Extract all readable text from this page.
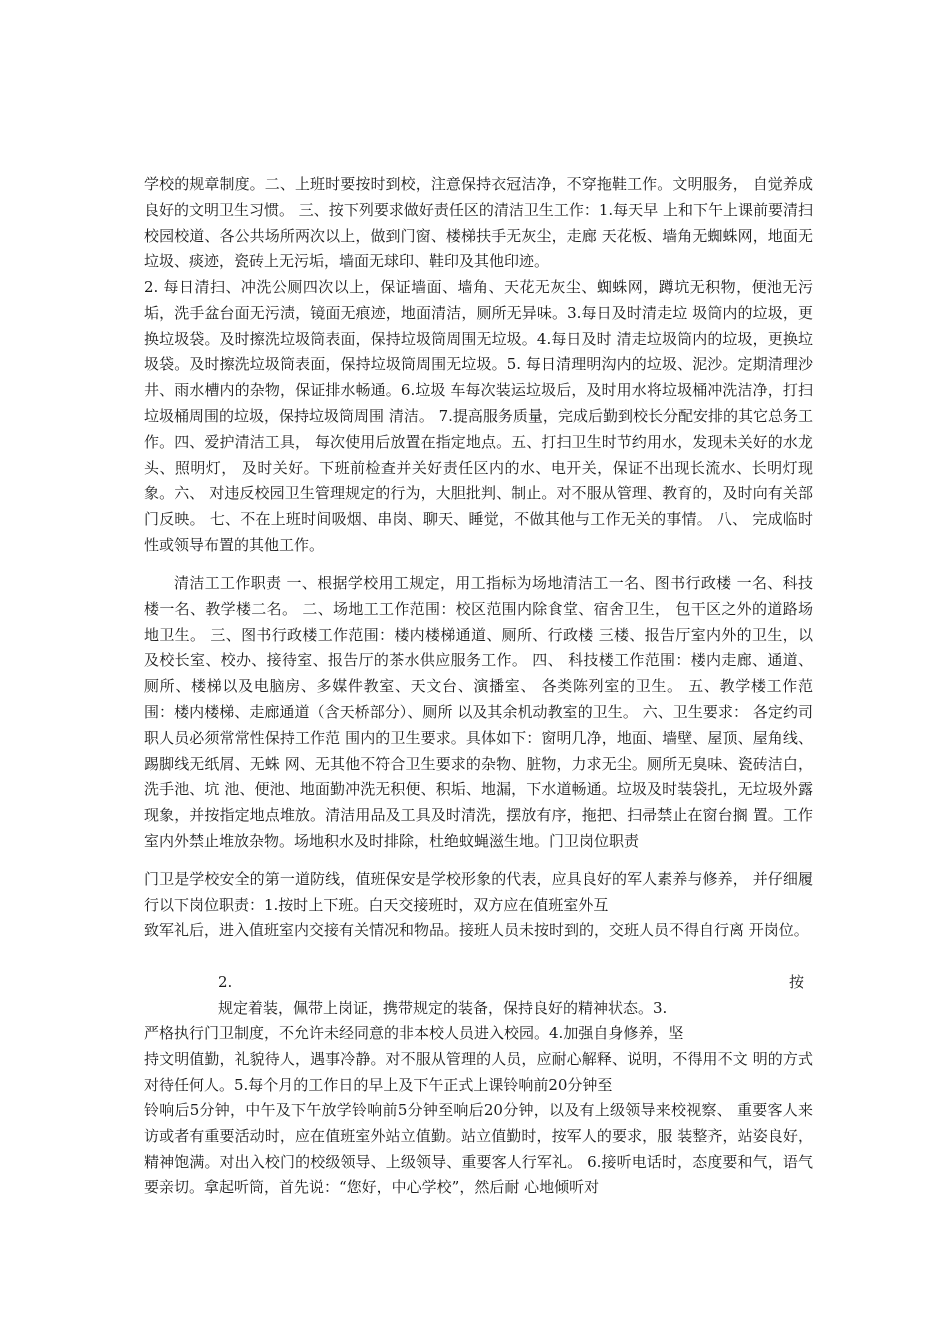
学校的规章制度。二、上班时要按时到校，注意保持衣冠洁净，不穿拖鞋工作。文明服务， 自觉养成良好的文明卫生习惯。 三、按下列要求做好责任区的清洁卫生工作：1.每天早 上和下午上课前要清扫校园校道、各公共场所两次以上，做到门窗、楼梯扶手无灰尘，走廊 天花板、墙角无蜘蛛网，地面无垃圾、痰迹，瓷砖上无污垢，墙面无球印、鞋印及其他印迹。

2. 每日清扫、冲洗公厕四次以上，保证墙面、墙角、天花无灰尘、蜘蛛网，蹲坑无积物，便池无污垢，洗手盆台面无污渍，镜面无痕迹，地面清洁，厕所无异味。3.每日及时清走垃 圾筒内的垃圾，更换垃圾袋。及时擦洗垃圾筒表面，保持垃圾筒周围无垃圾。4.每日及时 清走垃圾筒内的垃圾，更换垃圾袋。及时擦洗垃圾筒表面，保持垃圾筒周围无垃圾。5. 每日清理明沟内的垃圾、泥沙。定期清理沙井、雨水槽内的杂物，保证排水畅通。6.垃圾 车每次装运垃圾后，及时用水将垃圾桶冲洗洁净，打扫垃圾桶周围的垃圾，保持垃圾筒周围 清洁。 7.提高服务质量，完成后勤到校长分配安排的其它总务工作。四、爱护清洁工具， 每次使用后放置在指定地点。五、打扫卫生时节约用水，发现未关好的水龙头、照明灯， 及时关好。下班前检查并关好责任区内的水、电开关，保证不出现长流水、长明灯现象。六、 对违反校园卫生管理规定的行为，大胆批判、制止。对不服从管理、教育的，及时向有关部 门反映。 七、不在上班时间吸烟、串岗、聊天、睡觉，不做其他与工作无关的事情。 八、 完成临时性或领导布置的其他工作。

清洁工工作职责 一、根据学校用工规定，用工指标为场地清洁工一名、图书行政楼 一名、科技楼一名、教学楼二名。 二、场地工工作范围：校区范围内除食堂、宿舍卫生， 包干区之外的道路场地卫生。 三、图书行政楼工作范围：楼内楼梯通道、厕所、行政楼 三楼、报告厅室内外的卫生，以及校长室、校办、接待室、报告厅的茶水供应服务工作。 四、 科技楼工作范围：楼内走廊、通道、厕所、楼梯以及电脑房、多媒件教室、天文台、演播室、 各类陈列室的卫生。 五、教学楼工作范围：楼内楼梯、走廊通道（含天桥部分）、厕所 以及其余机动教室的卫生。 六、卫生要求： 各定约司职人员必须常常性保持工作范 围内的卫生要求。具体如下：窗明几净，地面、墙壁、屋顶、屋角线、踢脚线无纸屑、无蛛 网、无其他不符合卫生要求的杂物、脏物，力求无尘。厕所无臭味、瓷砖洁白，洗手池、坑 池、便池、地面勤冲洗无积便、积垢、地漏，下水道畅通。垃圾及时装袋扎，无垃圾外露 现象，并按指定地点堆放。清洁用品及工具及时清洗，摆放有序，拖把、扫帚禁止在窗台搁 置。工作室内外禁止堆放杂物。场地积水及时排除，杜绝蚊蝇滋生地。门卫岗位职责

门卫是学校安全的第一道防线，值班保安是学校形象的代表，应具良好的军人素养与修养， 并仔细履行以下岗位职责：1.按时上下班。白天交接班时，双方应在值班室外互

致军礼后，进入值班室内交接有关情况和物品。接班人员未按时到的，交班人员不得自行离 开岗位。

2.	按

规定着装，佩带上岗证，携带规定的装备，保持良好的精神状态。3.

严格执行门卫制度，不允许未经同意的非本校人员进入校园。4.加强自身修养，坚

持文明值勤，礼貌待人，遇事冷静。对不服从管理的人员，应耐心解释、说明，不得用不文 明的方式对待任何人。5.每个月的工作日的早上及下午正式上课铃响前20分钟至

铃响后5分钟，中午及下午放学铃响前5分钟至响后20分钟，以及有上级领导来校视察、 重要客人来访或者有重要活动时，应在值班室外站立值勤。站立值勤时，按军人的要求，服 装整齐，站姿良好，精神饱满。对出入校门的校级领导、上级领导、重要客人行军礼。 6.接听电话时，态度要和气，语气要亲切。拿起听筒，首先说：“您好，中心学校”，然后耐 心地倾听对
